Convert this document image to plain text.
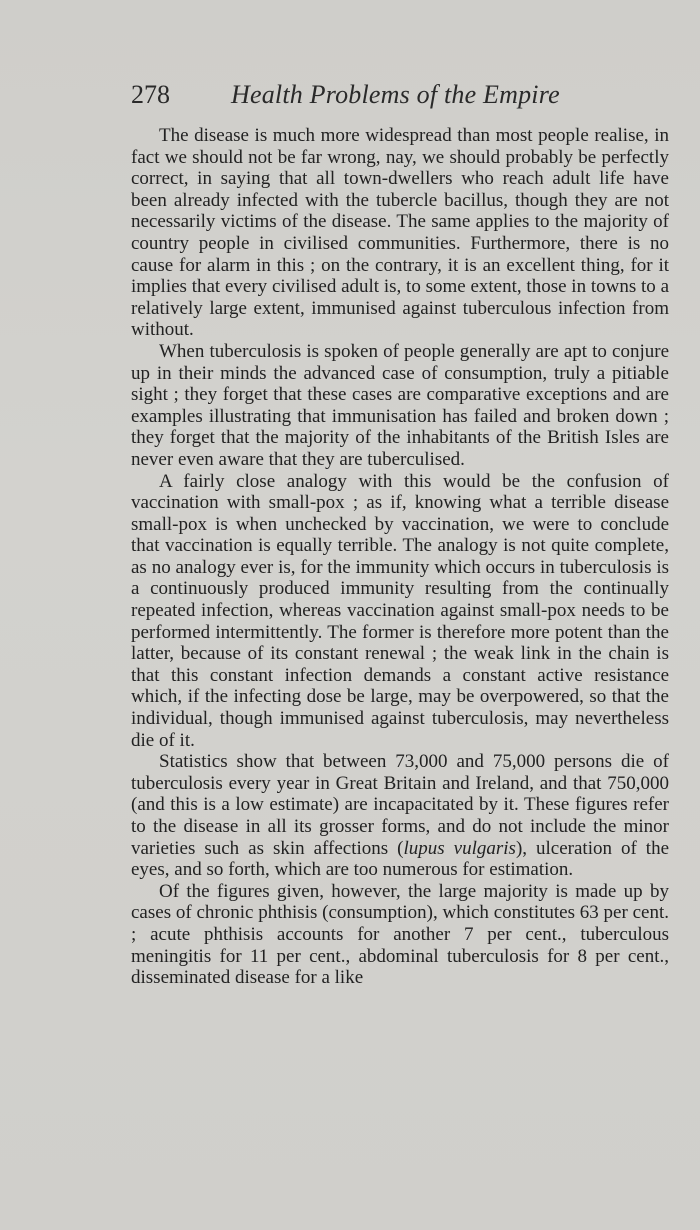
278 Health Problems of the Empire

The disease is much more widespread than most people realise, in fact we should not be far wrong, nay, we should probably be perfectly correct, in saying that all town-dwellers who reach adult life have been already infected with the tubercle bacillus, though they are not necessarily victims of the disease. The same applies to the majority of country people in civilised communities. Furthermore, there is no cause for alarm in this ; on the contrary, it is an excellent thing, for it implies that every civilised adult is, to some extent, those in towns to a relatively large extent, immunised against tuberculous infection from without.

When tuberculosis is spoken of people generally are apt to conjure up in their minds the advanced case of consumption, truly a pitiable sight ; they forget that these cases are comparative exceptions and are examples illustrating that immunisation has failed and broken down ; they forget that the majority of the inhabitants of the British Isles are never even aware that they are tuberculised.

A fairly close analogy with this would be the confusion of vaccination with small-pox ; as if, knowing what a terrible disease small-pox is when unchecked by vaccination, we were to conclude that vaccination is equally terrible. The analogy is not quite complete, as no analogy ever is, for the immunity which occurs in tuberculosis is a continuously produced immunity resulting from the continually repeated infection, whereas vaccination against small-pox needs to be performed intermittently. The former is therefore more potent than the latter, because of its constant renewal ; the weak link in the chain is that this constant infection demands a constant active resistance which, if the infecting dose be large, may be overpowered, so that the individual, though immunised against tuberculosis, may nevertheless die of it.

Statistics show that between 73,000 and 75,000 persons die of tuberculosis every year in Great Britain and Ireland, and that 750,000 (and this is a low estimate) are incapacitated by it. These figures refer to the disease in all its grosser forms, and do not include the minor varieties such as skin affections (lupus vulgaris), ulceration of the eyes, and so forth, which are too numerous for estimation.

Of the figures given, however, the large majority is made up by cases of chronic phthisis (consumption), which constitutes 63 per cent. ; acute phthisis accounts for another 7 per cent., tuberculous meningitis for 11 per cent., abdominal tuberculosis for 8 per cent., disseminated disease for a like
